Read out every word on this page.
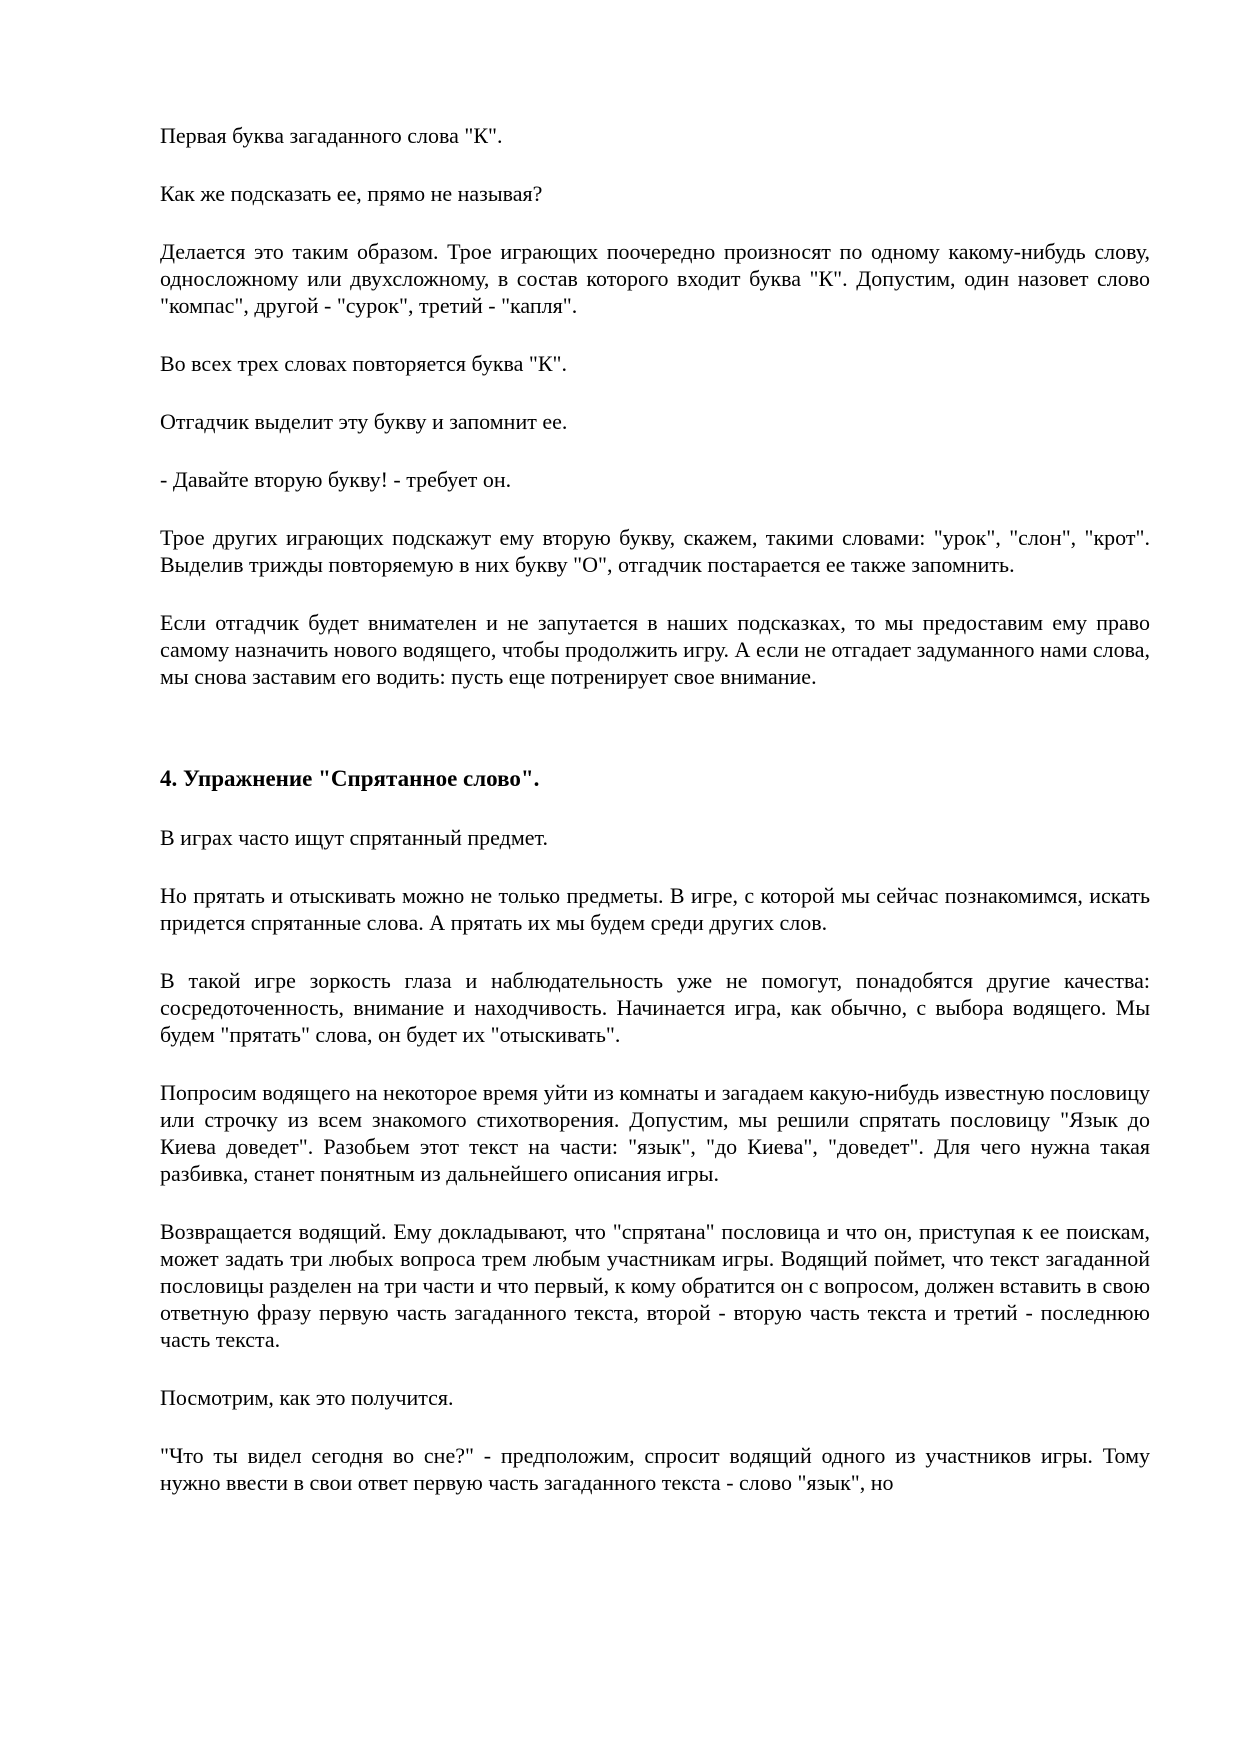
Первая буква загаданного слова "К".

Как же подсказать ее, прямо не называя?

Делается это таким образом. Трое играющих поочередно произносят по одному какому-нибудь слову, односложному или двухсложному, в состав которого входит буква "К". Допустим, один назовет слово "компас", другой - "сурок", третий - "капля".

Во всех трех словах повторяется буква "К".

Отгадчик выделит эту букву и запомнит ее.

- Давайте вторую букву! - требует он.

Трое других играющих подскажут ему вторую букву, скажем, такими словами: "урок", "слон", "крот". Выделив трижды повторяемую в них букву "О", отгадчик постарается ее также запомнить.

Если отгадчик будет внимателен и не запутается в наших подсказках, то мы предоставим ему право самому назначить нового водящего, чтобы продолжить игру. А если не отгадает задуманного нами слова, мы снова заставим его водить: пусть еще потренирует свое внимание.

4. Упражнение "Спрятанное слово".

В играх часто ищут спрятанный предмет.

Но прятать и отыскивать можно не только предметы. В игре, с которой мы сейчас познакомимся, искать придется спрятанные слова. А прятать их мы будем среди других слов.

В такой игре зоркость глаза и наблюдательность уже не помогут, понадобятся другие качества: сосредоточенность, внимание и находчивость. Начинается игра, как обычно, с выбора водящего. Мы будем "прятать" слова, он будет их "отыскивать".

Попросим водящего на некоторое время уйти из комнаты и загадаем какую-нибудь известную пословицу или строчку из всем знакомого стихотворения. Допустим, мы решили спрятать пословицу "Язык до Киева доведет". Разобьем этот текст на части: "язык", "до Киева", "доведет". Для чего нужна такая разбивка, станет понятным из дальнейшего описания игры.

Возвращается водящий. Ему докладывают, что "спрятана" пословица и что он, приступая к ее поискам, может задать три любых вопроса трем любым участникам игры. Водящий поймет, что текст загаданной пословицы разделен на три части и что первый, к кому обратится он с вопросом, должен вставить в свою ответную фразу первую часть загаданного текста, второй - вторую часть текста и третий - последнюю часть текста.

Посмотрим, как это получится.

"Что ты видел сегодня во сне?" - предположим, спросит водящий одного из участников игры. Тому нужно ввести в свои ответ первую часть загаданного текста - слово "язык", но
